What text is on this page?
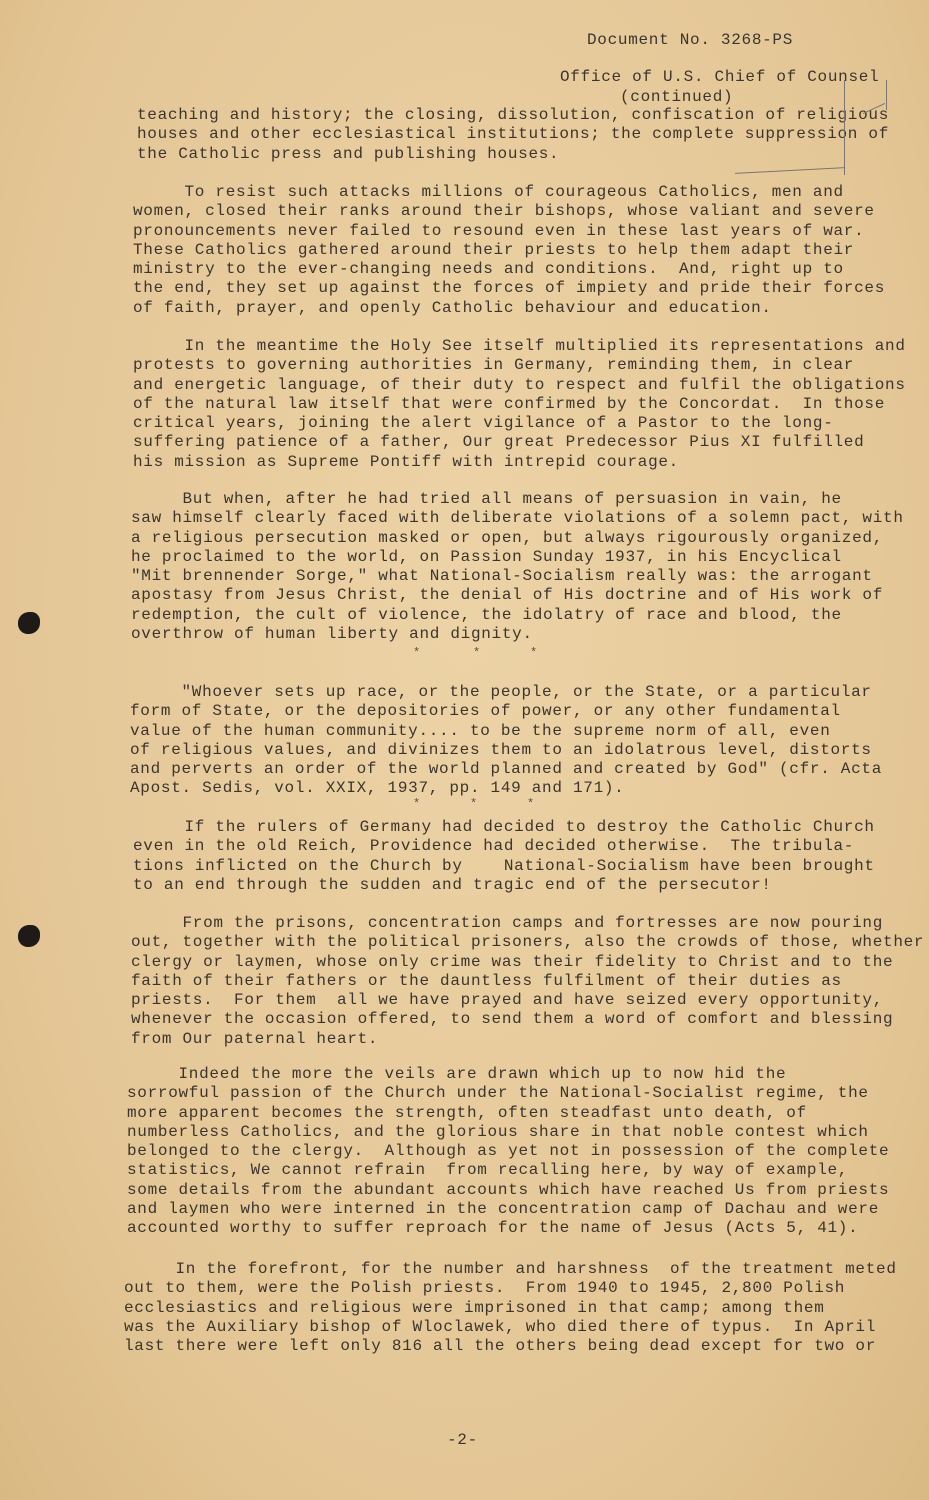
Document No. 3268-PS
Office of U.S. Chief of Counsel
(continued)
teaching and history; the closing, dissolution, confiscation of religious
houses and other ecclesiastical institutions; the complete suppression of
the Catholic press and publishing houses.
To resist such attacks millions of courageous Catholics, men and
women, closed their ranks around their bishops, whose valiant and severe
pronouncements never failed to resound even in these last years of war.
These Catholics gathered around their priests to help them adapt their
ministry to the ever-changing needs and conditions.  And, right up to
the end, they set up against the forces of impiety and pride their forces
of faith, prayer, and openly Catholic behaviour and education.
In the meantime the Holy See itself multiplied its representations and
protests to governing authorities in Germany, reminding them, in clear
and energetic language, of their duty to respect and fulfil the obligations
of the natural law itself that were confirmed by the Concordat.  In those
critical years, joining the alert vigilance of a Pastor to the long-
suffering patience of a father, Our great Predecessor Pius XI fulfilled
his mission as Supreme Pontiff with intrepid courage.
But when, after he had tried all means of persuasion in vain, he
saw himself clearly faced with deliberate violations of a solemn pact, with
a religious persecution masked or open, but always rigourously organized,
he proclaimed to the world, on Passion Sunday 1937, in his Encyclical
"Mit brennender Sorge," what National-Socialism really was: the arrogant
apostasy from Jesus Christ, the denial of His doctrine and of His work of
redemption, the cult of violence, the idolatry of race and blood, the
overthrow of human liberty and dignity.
"Whoever sets up race, or the people, or the State, or a particular
form of State, or the depositories of power, or any other fundamental
value of the human community.... to be the supreme norm of all, even
of religious values, and divinizes them to an idolatrous level, distorts
and perverts an order of the world planned and created by God" (cfr. Acta
Apost. Sedis, vol. XXIX, 1937, pp. 149 and 171).
If the rulers of Germany had decided to destroy the Catholic Church
even in the old Reich, Providence had decided otherwise.  The tribula-
tions inflicted on the Church by    National-Socialism have been brought
to an end through the sudden and tragic end of the persecutor!
From the prisons, concentration camps and fortresses are now pouring
out, together with the political prisoners, also the crowds of those, whether
clergy or laymen, whose only crime was their fidelity to Christ and to the
faith of their fathers or the dauntless fulfilment of their duties as
priests.  For them  all we have prayed and have seized every opportunity,
whenever the occasion offered, to send them a word of comfort and blessing
from Our paternal heart.
Indeed the more the veils are drawn which up to now hid the
sorrowful passion of the Church under the National-Socialist regime, the
more apparent becomes the strength, often steadfast unto death, of
numberless Catholics, and the glorious share in that noble contest which
belonged to the clergy.  Although as yet not in possession of the complete
statistics, We cannot refrain  from recalling here, by way of example,
some details from the abundant accounts which have reached Us from priests
and laymen who were interned in the concentration camp of Dachau and were
accounted worthy to suffer reproach for the name of Jesus (Acts 5, 41).
In the forefront, for the number and harshness  of the treatment meted
out to them, were the Polish priests.  From 1940 to 1945, 2,800 Polish
ecclesiastics and religious were imprisoned in that camp; among them
was the Auxiliary bishop of Wloclawek, who died there of typus.  In April
last there were left only 816 all the others being dead except for two or
*	*	*
*	*	*
-2-
